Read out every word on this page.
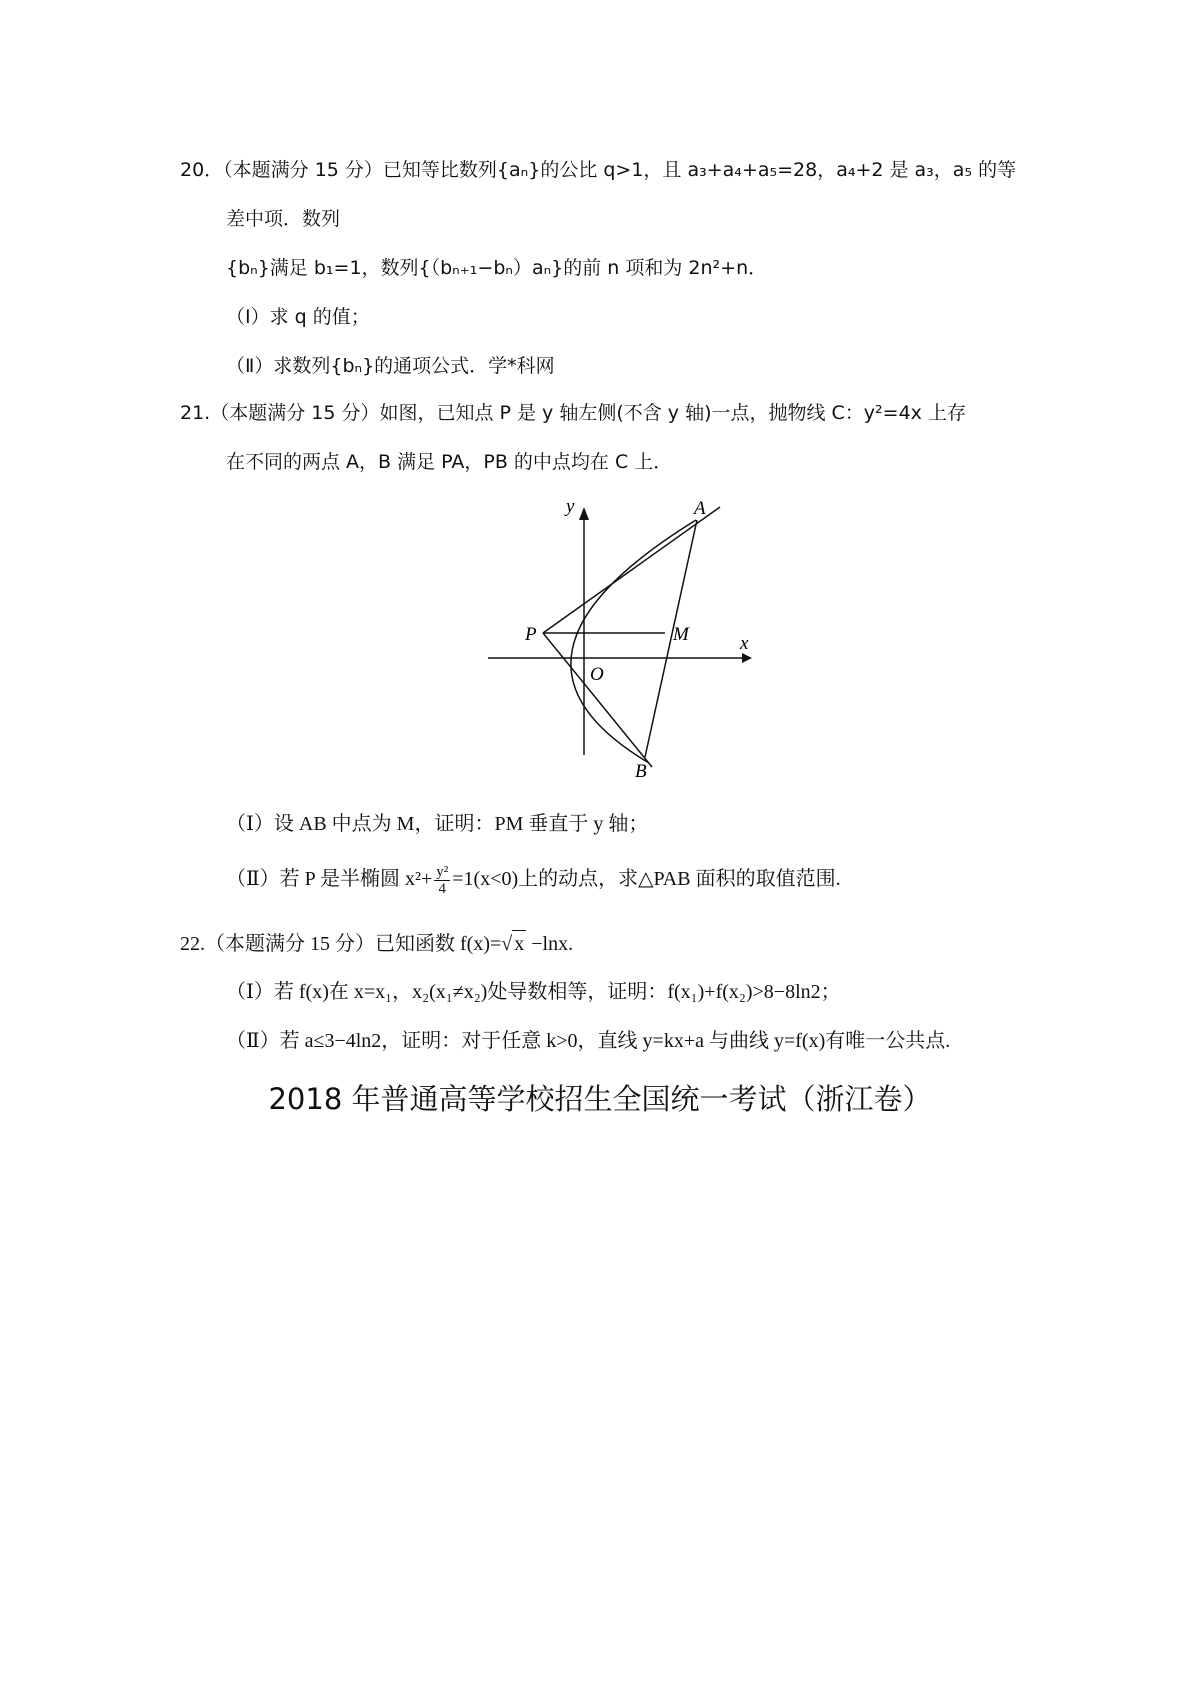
20．（本题满分 15 分）已知等比数列{aₙ}的公比 q>1，且 a₃+a₄+a₅=28，a₄+2 是 a₃，a₅ 的等
差中项．数列
{bₙ}满足 b₁=1，数列{（bₙ₊₁−bₙ）aₙ}的前 n 项和为 2n²+n．
（Ⅰ）求 q 的值；
（Ⅱ）求数列{bₙ}的通项公式．学*科网
21.（本题满分 15 分）如图，已知点 P 是 y 轴左侧(不含 y 轴)一点，抛物线 C：y²=4x 上存
在不同的两点 A，B 满足 PA，PB 的中点均在 C 上．
y
x
A
B
P	M
O
（Ⅰ）设 AB 中点为 M，证明：PM 垂直于 y 轴；
（Ⅱ）若 P 是半椭圆 $x^2+ \frac{\text{y²}}{4} =1(x<0)$上的动点，求△PAB 面积的取值范围.
22.（本题满分 15 分）已知函数 f(x)=√ x −lnx.
（Ⅰ）若 f(x)在 x=x₁，x₂(x₁≠x₂)处导数相等，证明：f(x₁)+f(x₂)>8−8ln2；
（Ⅱ）若 a≤3−4ln2，证明：对于任意 k>0，直线 y=kx+a 与曲线 y=f(x)有唯一公共点.
2018 年普通高等学校招生全国统一考试（浙江卷）
